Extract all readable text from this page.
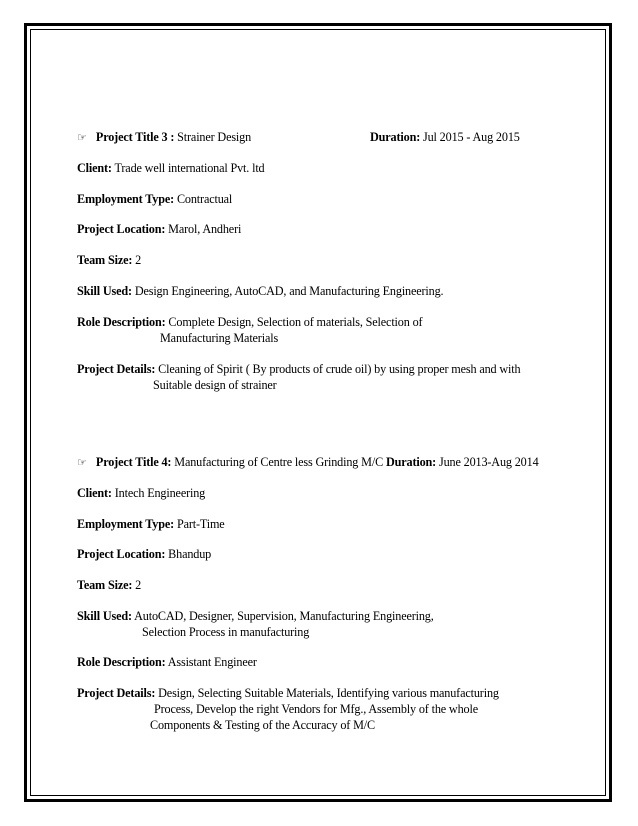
☞ Project Title 3 : Strainer Design	Duration: Jul 2015 - Aug 2015
Client: Trade well international Pvt. ltd
Employment Type: Contractual
Project Location: Marol, Andheri
Team Size: 2
Skill Used: Design Engineering, AutoCAD, and Manufacturing Engineering.
Role Description: Complete Design, Selection of materials, Selection of
Manufacturing Materials
Project Details: Cleaning of Spirit ( By products of crude oil) by using proper mesh and with
Suitable design of strainer
☞ Project Title 4: Manufacturing of Centre less Grinding M/C Duration: June 2013-Aug 2014
Client: Intech Engineering
Employment Type: Part-Time
Project Location: Bhandup
Team Size: 2
Skill Used: AutoCAD, Designer, Supervision, Manufacturing Engineering,
Selection Process in manufacturing
Role Description: Assistant Engineer
Project Details: Design, Selecting Suitable Materials, Identifying various manufacturing
Process, Develop the right Vendors for Mfg., Assembly of the whole
Components & Testing of the Accuracy of M/C
